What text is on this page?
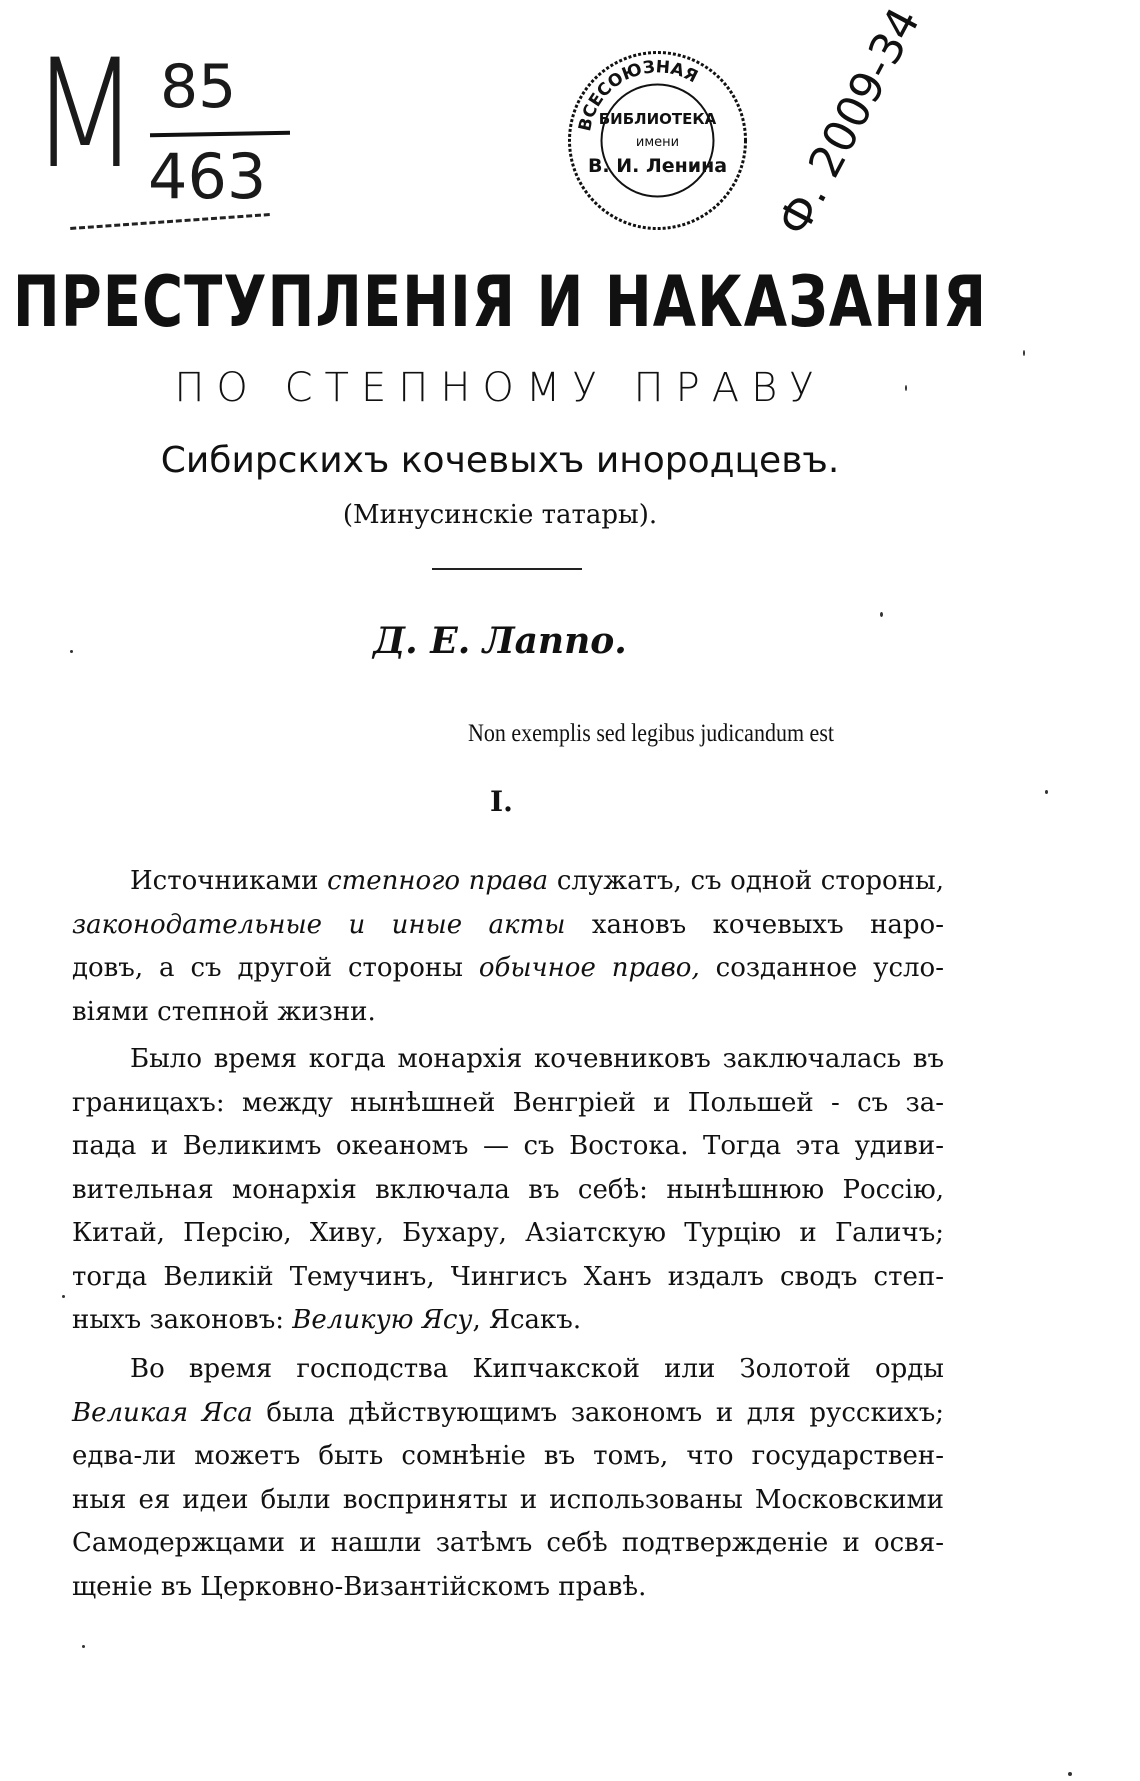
M 85
463
ВСЕСОЮЗНАЯ
БИБЛИОТЕКА
имени
В. И. Ленина Ф. 2009-34
ПРЕСТУПЛЕНІЯ И НАКАЗАНІЯ
ПО СТЕПНОМУ ПРАВУ
Сибирскихъ кочевыхъ инородцевъ.
(Минусинскіе татары).
Д. Е. Лаппо.
Non exemplis sed legibus judicandum est
I.
Источниками степного права служатъ, съ одной стороны,
законодательные и иные акты хановъ кочевыхъ наро-
довъ, а съ другой стороны обычное право, созданное усло-
віями степной жизни.
Было время когда монархія кочевниковъ заключалась въ
границахъ: между нынѣшней Венгріей и Польшей - съ за-
пада и Великимъ океаномъ — съ Востока. Тогда эта удиви-
вительная монархія включала въ себѣ: нынѣшнюю Россію,
Китай, Персію, Хиву, Бухару, Азіатскую Турцію и Галичъ;
тогда Великій Темучинъ, Чингисъ Ханъ издалъ сводъ степ-
ныхъ законовъ: Великую Ясу, Ясакъ.
Во время господства Кипчакской или Золотой орды
Великая Яса была дѣйствующимъ закономъ и для русскихъ;
едва-ли можетъ быть сомнѣніе въ томъ, что государствен-
ныя ея идеи были восприняты и использованы Московскими
Самодержцами и нашли затѣмъ себѣ подтвержденіе и освя-
щеніе въ Церковно-Византійскомъ правѣ.
